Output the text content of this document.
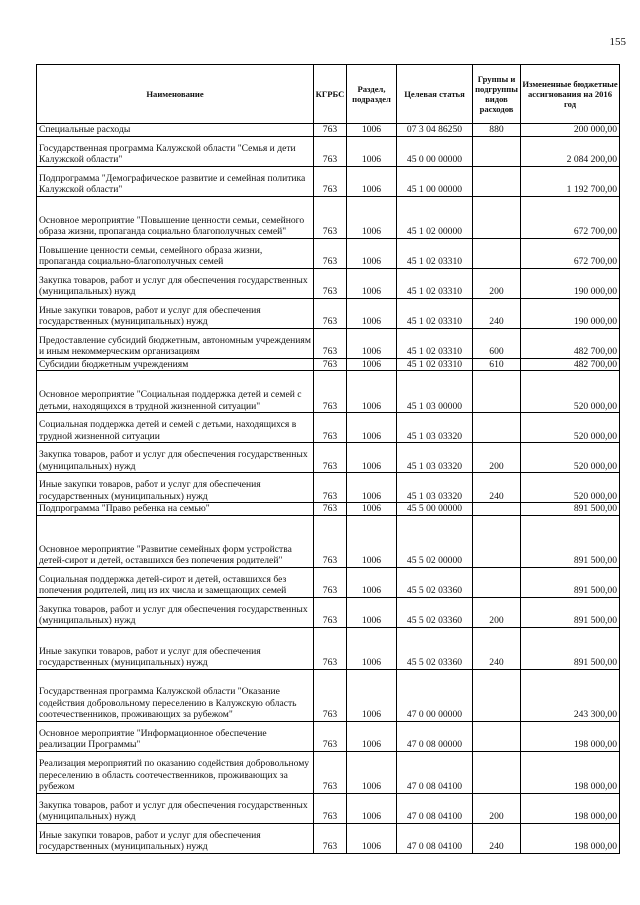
155
Наименование	КГРБС	Раздел, подраздел	Целевая статья	Группы и подгруппы видов расходов	Измененные бюджетные ассигнования на 2016 год
Специальные расходы	763	1006	07 3 04 86250	880	200 000,00
Государственная программа Калужской области "Семья и дети Калужской области"	763	1006	45 0 00 00000		2 084 200,00
Подпрограмма "Демографическое развитие и семейная политика Калужской области"	763	1006	45 1 00 00000		1 192 700,00
Основное мероприятие "Повышение ценности семьи, семейного образа жизни, пропаганда социально благополучных семей"	763	1006	45 1 02 00000		672 700,00
Повышение ценности семьи, семейного образа жизни, пропаганда социально-благополучных семей	763	1006	45 1 02 03310		672 700,00
Закупка товаров, работ и услуг для обеспечения государственных (муниципальных) нужд	763	1006	45 1 02 03310	200	190 000,00
Иные закупки товаров, работ и услуг для обеспечения государственных (муниципальных) нужд	763	1006	45 1 02 03310	240	190 000,00
Предоставление субсидий бюджетным, автономным учреждениям и иным некоммерческим организациям	763	1006	45 1 02 03310	600	482 700,00
Субсидии бюджетным учреждениям	763	1006	45 1 02 03310	610	482 700,00
Основное мероприятие "Социальная поддержка детей и семей с детьми, находящихся в трудной жизненной ситуации"	763	1006	45 1 03 00000		520 000,00
Социальная поддержка детей и семей с детьми, находящихся в трудной жизненной ситуации	763	1006	45 1 03 03320		520 000,00
Закупка товаров, работ и услуг для обеспечения государственных (муниципальных) нужд	763	1006	45 1 03 03320	200	520 000,00
Иные закупки товаров, работ и услуг для обеспечения государственных (муниципальных) нужд	763	1006	45 1 03 03320	240	520 000,00
Подпрограмма "Право ребенка на семью"	763	1006	45 5 00 00000		891 500,00
Основное мероприятие "Развитие семейных форм устройства детей-сирот и детей, оставшихся без попечения родителей"	763	1006	45 5 02 00000		891 500,00
Социальная поддержка детей-сирот и детей, оставшихся без попечения родителей, лиц из их числа и замещающих семей	763	1006	45 5 02 03360		891 500,00
Закупка товаров, работ и услуг для обеспечения государственных (муниципальных) нужд	763	1006	45 5 02 03360	200	891 500,00
Иные закупки товаров, работ и услуг для обеспечения государственных (муниципальных) нужд	763	1006	45 5 02 03360	240	891 500,00
Государственная программа Калужской области "Оказание содействия добровольному переселению в Калужскую область соотечественников, проживающих за рубежом"	763	1006	47 0 00 00000		243 300,00
Основное мероприятие "Информационное обеспечение реализации Программы"	763	1006	47 0 08 00000		198 000,00
Реализация мероприятий по оказанию содействия добровольному переселению в область соотечественников, проживающих за рубежом	763	1006	47 0 08 04100		198 000,00
Закупка товаров, работ и услуг для обеспечения государственных (муниципальных) нужд	763	1006	47 0 08 04100	200	198 000,00
Иные закупки товаров, работ и услуг для обеспечения государственных (муниципальных) нужд	763	1006	47 0 08 04100	240	198 000,00
